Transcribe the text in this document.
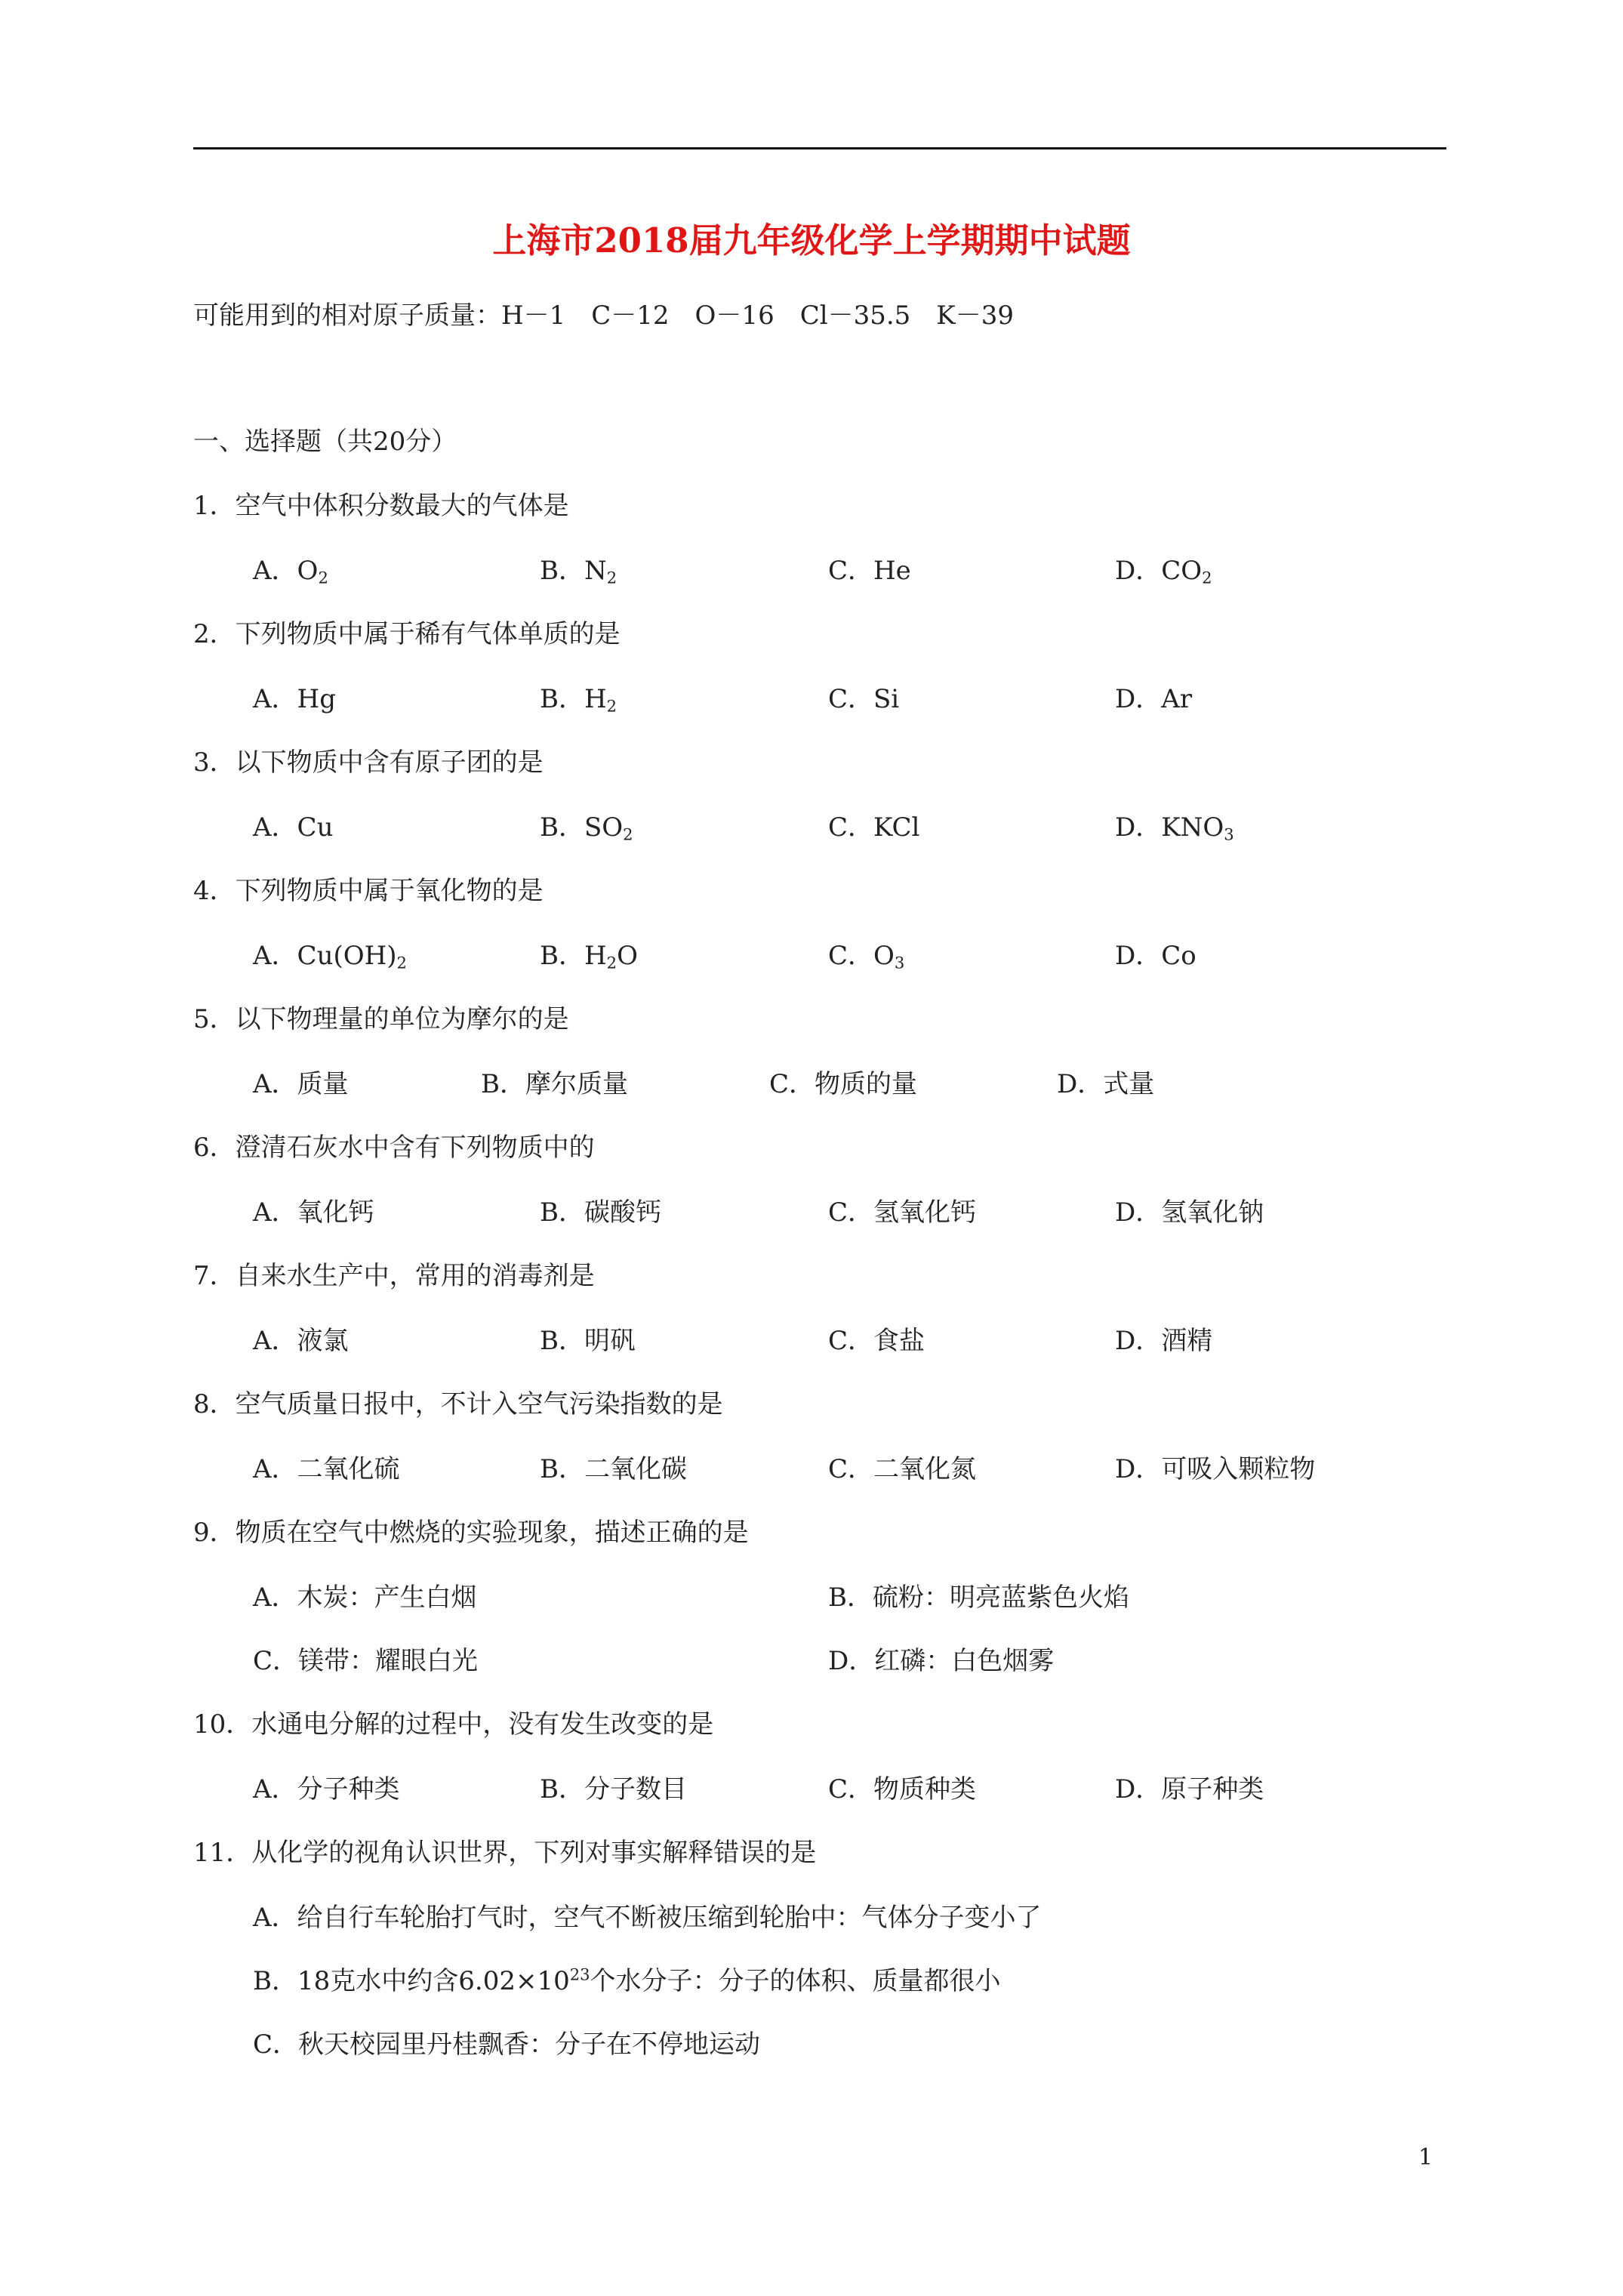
上海市2018届九年级化学上学期期中试题
可能用到的相对原子质量：H－1　C－12　O－16　Cl－35.5　K－39
一、选择题（共20分）
1．空气中体积分数最大的气体是
A．$O_2$	B．$N_2$	C．He	D．$CO_2$
2．下列物质中属于稀有气体单质的是
A．Hg	B．$H_2$	C．Si	D．Ar
3．以下物质中含有原子团的是
A．Cu	B．$SO_2$	C．KCl	D．$KNO_3$
4．下列物质中属于氧化物的是
A．$Cu(OH)_2$	B．$H_2O$	C．$O_3$	D．Co
5．以下物理量的单位为摩尔的是
A．质量	B．摩尔质量	C．物质的量	D．式量
6．澄清石灰水中含有下列物质中的
A．氧化钙	B．碳酸钙	C．氢氧化钙	D．氢氧化钠
7．自来水生产中，常用的消毒剂是
A．液氯	B．明矾	C．食盐	D．酒精
8．空气质量日报中，不计入空气污染指数的是
A．二氧化硫	B．二氧化碳	C．二氧化氮	D．可吸入颗粒物
9．物质在空气中燃烧的实验现象，描述正确的是
A．木炭：产生白烟	B．硫粉：明亮蓝紫色火焰
C．镁带：耀眼白光	D．红磷：白色烟雾
10．水通电分解的过程中，没有发生改变的是
A．分子种类	B．分子数目	C．物质种类	D．原子种类
11．从化学的视角认识世界，下列对事实解释错误的是
A．给自行车轮胎打气时，空气不断被压缩到轮胎中：气体分子变小了
B．18克水中约含$6.02\times 10^{23}$个水分子：分子的体积、质量都很小
C．秋天校园里丹桂飘香：分子在不停地运动
1
